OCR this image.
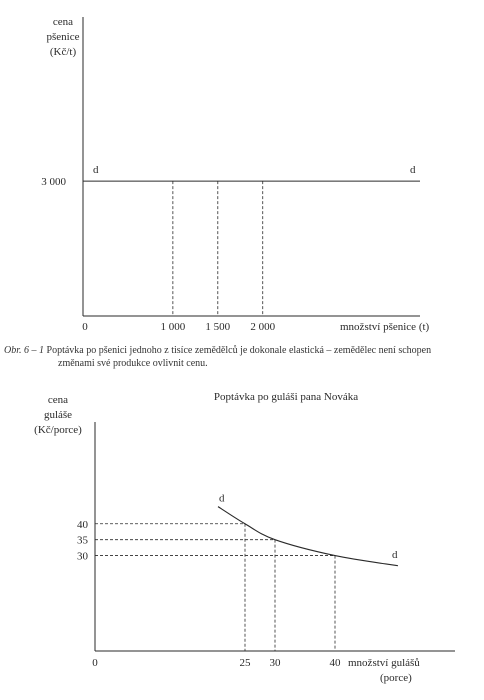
cena
pšenice
(Kč/t)
3 000
d	d
0	1 000 1 500 2 000	množství pšenice (t)
Obr. 6 – 1 Poptávka po pšenici jednoho z tisíce zemědělců je dokonale elastická – zemědělec není schopen
změnami své produkce ovlivnit cenu.
Poptávka po guláši pana Nováka
cena
guláše
(Kč/porce)
40
35
30
d
d
0	25 30	40 množství gulášů
(porce)
